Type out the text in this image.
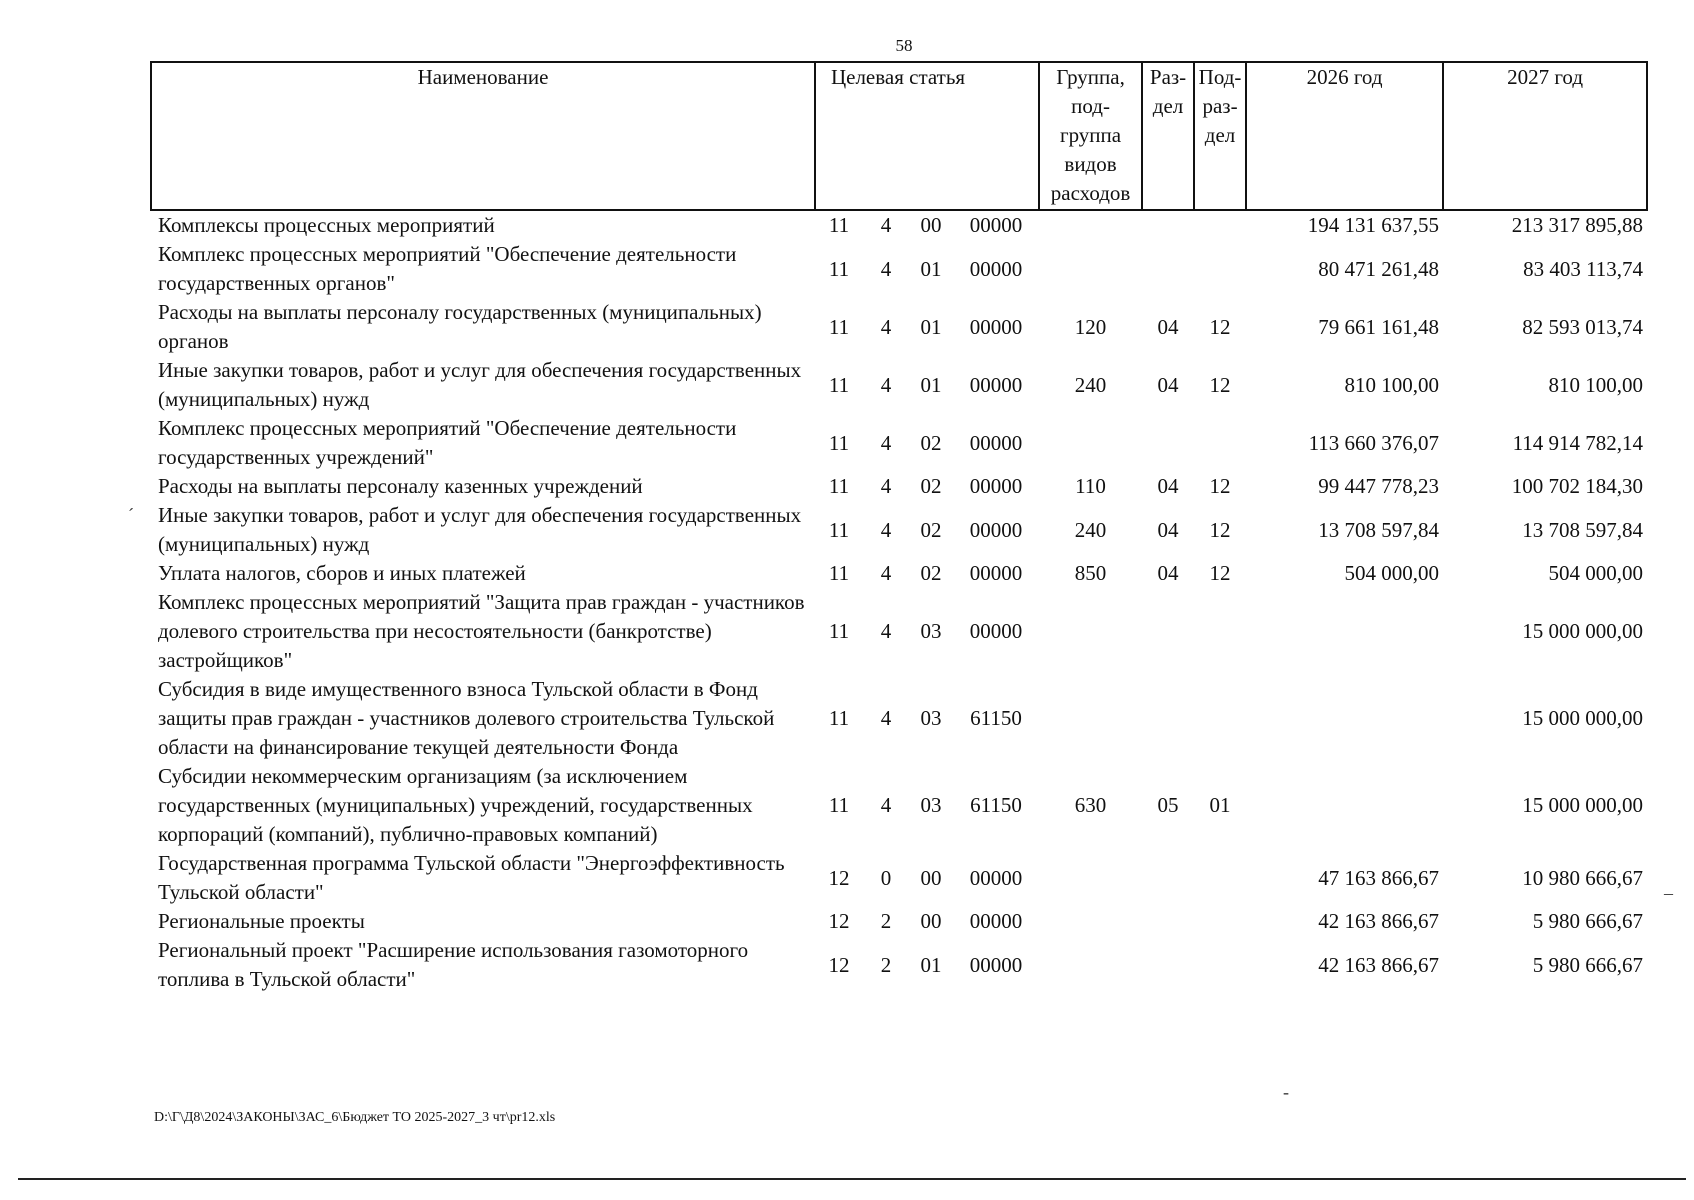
58
Наименование	Целевая статья				Группа, под-группа видов расходов	Раз-дел	Под-раз-дел	2026 год	2027 год
Комплексы процессных мероприятий	11	4	00	00000				194 131 637,55	213 317 895,88
Комплекс процессных мероприятий "Обеспечение деятельности государственных органов"	11	4	01	00000				80 471 261,48	83 403 113,74
Расходы на выплаты персоналу государственных (муниципальных) органов	11	4	01	00000	120	04	12	79 661 161,48	82 593 013,74
Иные закупки товаров, работ и услуг для обеспечения государственных (муниципальных) нужд	11	4	01	00000	240	04	12	810 100,00	810 100,00
Комплекс процессных мероприятий "Обеспечение деятельности государственных учреждений"	11	4	02	00000				113 660 376,07	114 914 782,14
Расходы на выплаты персоналу казенных учреждений	11	4	02	00000	110	04	12	99 447 778,23	100 702 184,30
Иные закупки товаров, работ и услуг для обеспечения государственных (муниципальных) нужд	11	4	02	00000	240	04	12	13 708 597,84	13 708 597,84
Уплата налогов, сборов и иных платежей	11	4	02	00000	850	04	12	504 000,00	504 000,00
Комплекс процессных мероприятий "Защита прав граждан - участников долевого строительства при несостоятельности (банкротстве) застройщиков"	11	4	03	00000					15 000 000,00
Субсидия в виде имущественного взноса Тульской области в Фонд защиты прав граждан - участников долевого строительства Тульской области на финансирование текущей деятельности Фонда	11	4	03	61150					15 000 000,00
Субсидии некоммерческим организациям (за исключением государственных (муниципальных) учреждений, государственных корпораций (компаний), публично-правовых компаний)	11	4	03	61150	630	05	01		15 000 000,00
Государственная программа Тульской области "Энергоэффективность Тульской области"	12	0	00	00000				47 163 866,67	10 980 666,67
Региональные проекты	12	2	00	00000				42 163 866,67	5 980 666,67
Региональный проект "Расширение использования газомоторного топлива в Тульской области"	12	2	01	00000				42 163 866,67	5 980 666,67
D:\Г\Д8\2024\ЗАКОНЫ\ЗАС_6\Бюджет ТО 2025-2027_3 чт\pr12.xls
ˊ
–
-
